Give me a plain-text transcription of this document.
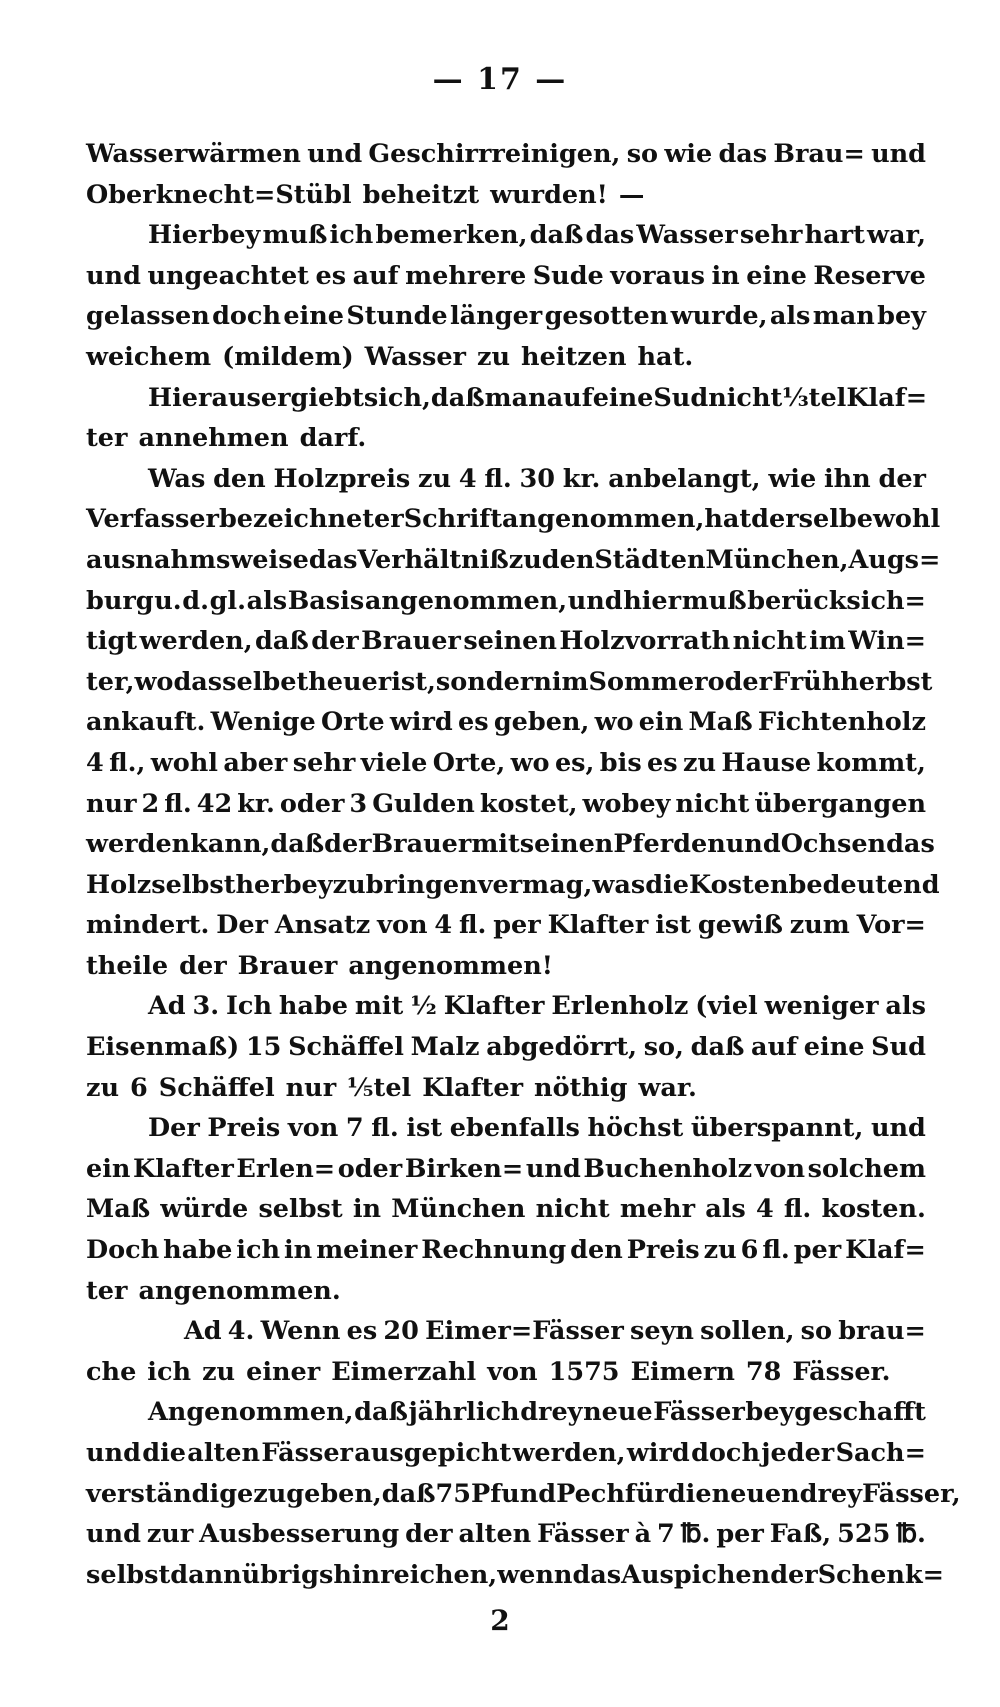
— 17 —
Wasserwärmen und Geschirrreinigen, so wie das Brau= und
Oberknecht=Stübl beheitzt wurden! —
Hierbey muß ich bemerken, daß das Wasser sehr hart war,
und ungeachtet es auf mehrere Sude voraus in eine Reserve
gelassen doch eine Stunde länger gesotten wurde, als man bey
weichem (mildem) Wasser zu heitzen hat.
Hieraus ergiebt sich, daß man auf eine Sud nicht ⅓tel Klaf=
ter annehmen darf.
Was den Holzpreis zu 4 fl. 30 kr. anbelangt, wie ihn der
Verfasser bezeichneter Schrift angenommen, hat derselbe wohl
ausnahmsweise das Verhältniß zu den Städten München, Augs=
burg u. d. gl. als Basis angenommen, und hier muß berücksich=
tigt werden, daß der Brauer seinen Holzvorrath nicht im Win=
ter, wo dasselbe theuer ist, sondern im Sommer oder Frühherbst
ankauft. Wenige Orte wird es geben, wo ein Maß Fichtenholz
4 fl., wohl aber sehr viele Orte, wo es, bis es zu Hause kommt,
nur 2 fl. 42 kr. oder 3 Gulden kostet, wobey nicht übergangen
werden kann, daß der Brauer mit seinen Pferden und Ochsen das
Holz selbst herbeyzubringen vermag, was die Kosten bedeutend
mindert. Der Ansatz von 4 fl. per Klafter ist gewiß zum Vor=
theile der Brauer angenommen!
Ad 3. Ich habe mit ½ Klafter Erlenholz (viel weniger als
Eisenmaß) 15 Schäffel Malz abgedörrt, so, daß auf eine Sud
zu 6 Schäffel nur ⅕tel Klafter nöthig war.
Der Preis von 7 fl. ist ebenfalls höchst überspannt, und
ein Klafter Erlen= oder Birken= und Buchenholz von solchem
Maß würde selbst in München nicht mehr als 4 fl. kosten.
Doch habe ich in meiner Rechnung den Preis zu 6 fl. per Klaf=
ter angenommen.
Ad 4. Wenn es 20 Eimer=Fässer seyn sollen, so brau=
che ich zu einer Eimerzahl von 1575 Eimern 78 Fässer.
Angenommen, daß jährlich drey neue Fässer beygeschafft
und die alten Fässer ausgepicht werden, wird doch jeder Sach=
verständige zugeben, daß 75 Pfund Pech für die neuen drey Fässer,
und zur Ausbesserung der alten Fässer à 7 ℔. per Faß, 525 ℔.
selbst dann übrigs hinreichen, wenn das Auspichen der Schenk=
2
